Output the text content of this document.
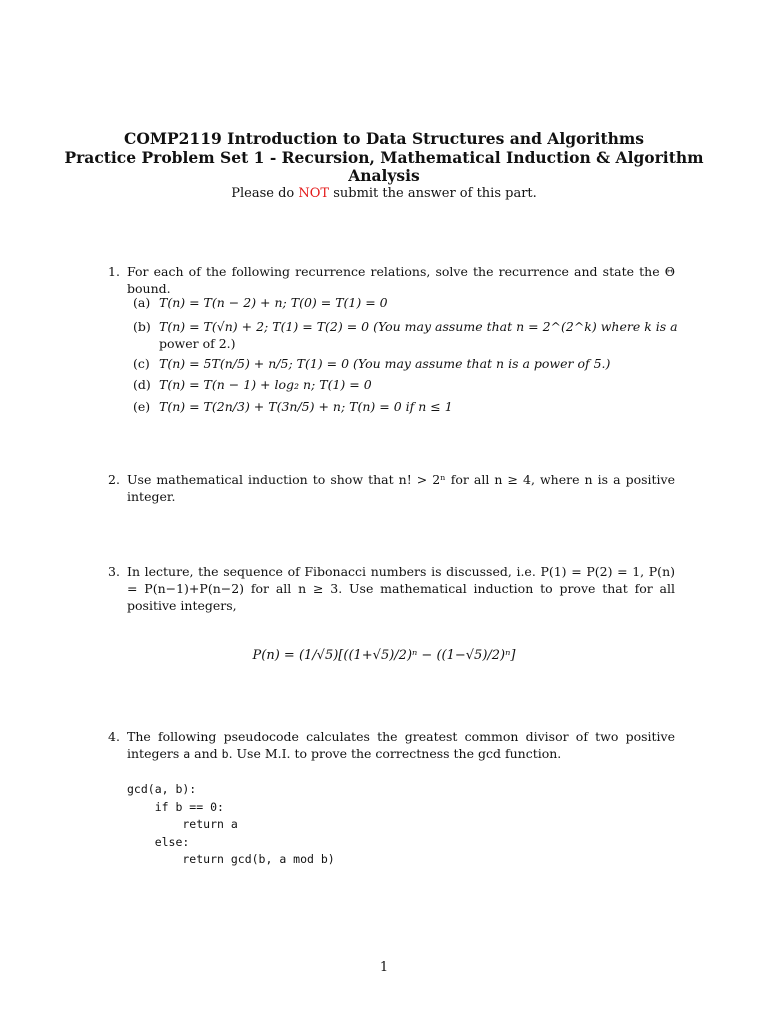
COMP2119 Introduction to Data Structures and Algorithms
Practice Problem Set 1 - Recursion, Mathematical Induction & Algorithm
Analysis
Please do NOT submit the answer of this part.
1. For each of the following recurrence relations, solve the recurrence and state the Θ bound.
(a) T(n) = T(n − 2) + n; T(0) = T(1) = 0
(b) T(n) = T(√n) + 2; T(1) = T(2) = 0 (You may assume that n = 2^(2^k) where k is a
power of 2.)
(c) T(n) = 5T(n/5) + n/5; T(1) = 0 (You may assume that n is a power of 5.)
(d) T(n) = T(n − 1) + log₂ n; T(1) = 0
(e) T(n) = T(2n/3) + T(3n/5) + n; T(n) = 0 if n ≤ 1
2. Use mathematical induction to show that n! > 2ⁿ for all n ≥ 4, where n is a positive integer.
3. In lecture, the sequence of Fibonacci numbers is discussed, i.e. P(1) = P(2) = 1, P(n) = P(n−1)+P(n−2) for all n ≥ 3. Use mathematical induction to prove that for all positive integers,
P(n) = (1/√5)[((1+√5)/2)ⁿ − ((1−√5)/2)ⁿ]
4. The following pseudocode calculates the greatest common divisor of two positive integers a and b. Use M.I. to prove the correctness the gcd function.
gcd(a, b):
if b == 0:
return a
else:
return gcd(b, a mod b)
1
